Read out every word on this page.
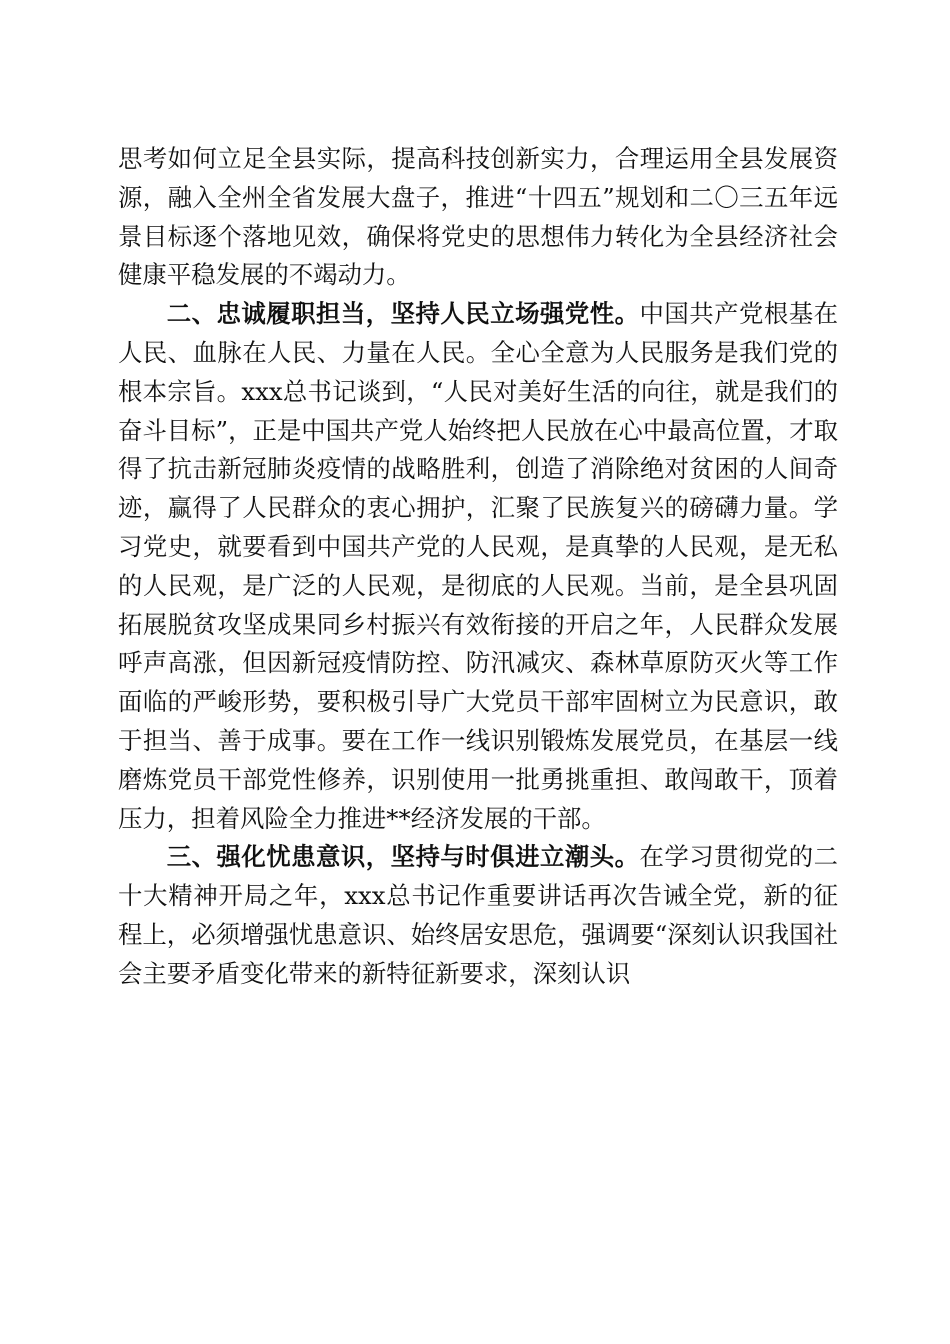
思考如何立足全县实际，提高科技创新实力，合理运用全县发展资源，融入全州全省发展大盘子，推进“十四五”规划和二〇三五年远景目标逐个落地见效，确保将党史的思想伟力转化为全县经济社会健康平稳发展的不竭动力。

二、忠诚履职担当，坚持人民立场强党性。中国共产党根基在人民、血脉在人民、力量在人民。全心全意为人民服务是我们党的根本宗旨。xxx总书记谈到，“人民对美好生活的向往，就是我们的奋斗目标”，正是中国共产党人始终把人民放在心中最高位置，才取得了抗击新冠肺炎疫情的战略胜利，创造了消除绝对贫困的人间奇迹，赢得了人民群众的衷心拥护，汇聚了民族复兴的磅礴力量。学习党史，就要看到中国共产党的人民观，是真挚的人民观，是无私的人民观，是广泛的人民观，是彻底的人民观。当前，是全县巩固拓展脱贫攻坚成果同乡村振兴有效衔接的开启之年，人民群众发展呼声高涨，但因新冠疫情防控、防汛减灾、森林草原防灭火等工作面临的严峻形势，要积极引导广大党员干部牢固树立为民意识，敢于担当、善于成事。要在工作一线识别锻炼发展党员，在基层一线磨炼党员干部党性修养，识别使用一批勇挑重担、敢闯敢干，顶着压力，担着风险全力推进**经济发展的干部。

三、强化忧患意识，坚持与时俱进立潮头。在学习贯彻党的二十大精神开局之年，xxx总书记作重要讲话再次告诫全党，新的征程上，必须增强忧患意识、始终居安思危，强调要“深刻认识我国社会主要矛盾变化带来的新特征新要求，深刻认识
